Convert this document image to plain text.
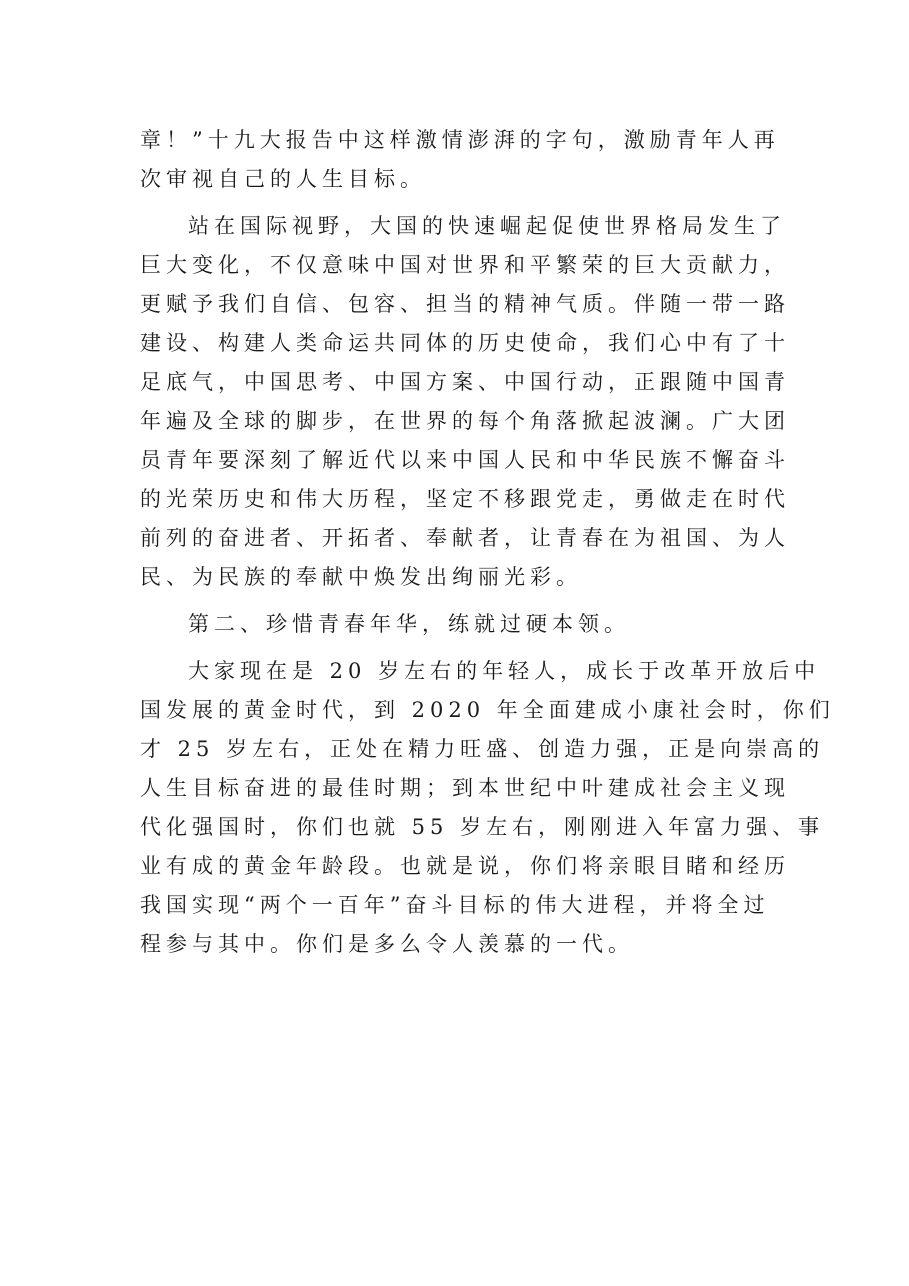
章！”十九大报告中这样激情澎湃的字句，激励青年人再
次审视自己的人生目标。

站在国际视野，大国的快速崛起促使世界格局发生了
巨大变化，不仅意味中国对世界和平繁荣的巨大贡献力，
更赋予我们自信、包容、担当的精神气质。伴随一带一路
建设、构建人类命运共同体的历史使命，我们心中有了十
足底气，中国思考、中国方案、中国行动，正跟随中国青
年遍及全球的脚步，在世界的每个角落掀起波澜。广大团
员青年要深刻了解近代以来中国人民和中华民族不懈奋斗
的光荣历史和伟大历程，坚定不移跟党走，勇做走在时代
前列的奋进者、开拓者、奉献者，让青春在为祖国、为人
民、为民族的奉献中焕发出绚丽光彩。

第二、珍惜青春年华，练就过硬本领。

大家现在是 20 岁左右的年轻人，成长于改革开放后中
国发展的黄金时代，到 2020 年全面建成小康社会时，你们
才 25 岁左右，正处在精力旺盛、创造力强，正是向崇高的
人生目标奋进的最佳时期；到本世纪中叶建成社会主义现
代化强国时，你们也就 55 岁左右，刚刚进入年富力强、事
业有成的黄金年龄段。也就是说，你们将亲眼目睹和经历
我国实现“两个一百年”奋斗目标的伟大进程，并将全过
程参与其中。你们是多么令人羡慕的一代。
